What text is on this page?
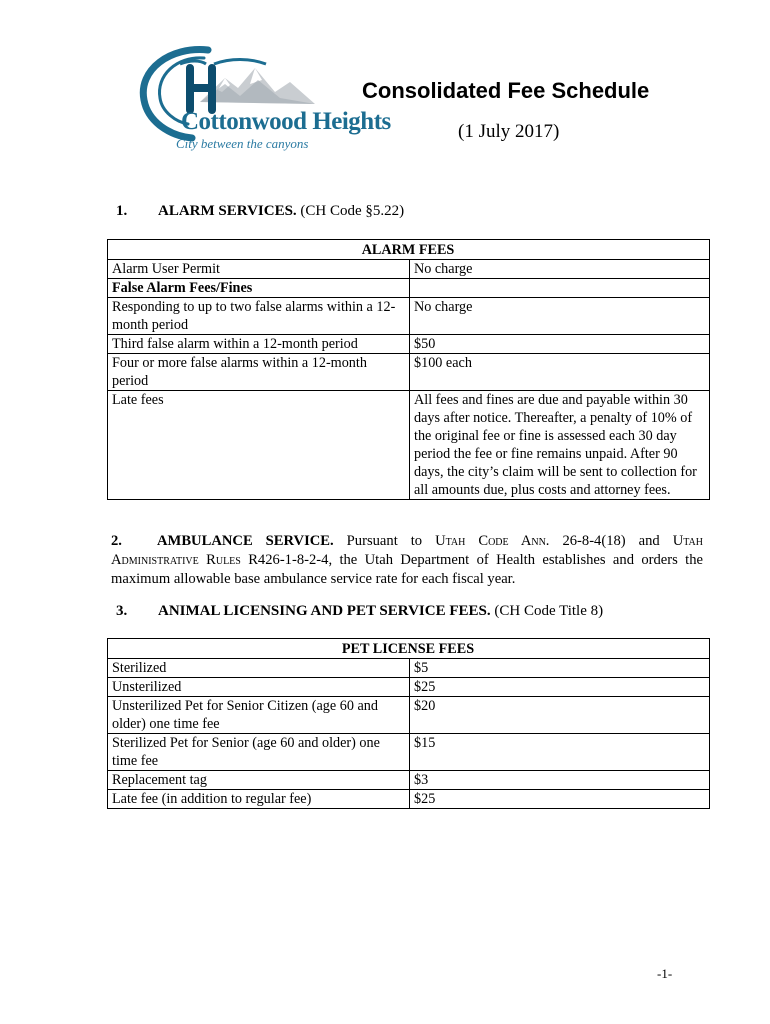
Cottonwood Heights
City between the canyons
Consolidated Fee Schedule
(1 July 2017)
1. ALARM SERVICES. (CH Code §5.22)
ALARM FEES	
Alarm User Permit	No charge
False Alarm Fees/Fines	
Responding to up to two false alarms within a 12-month period	No charge
Third false alarm within a 12-month period	$50
Four or more false alarms within a 12-month period	$100 each
Late fees	All fees and fines are due and payable within 30 days after notice. Thereafter, a penalty of 10% of the original fee or fine is assessed each 30 day period the fee or fine remains unpaid. After 90 days, the city’s claim will be sent to collection for all amounts due, plus costs and attorney fees.
2. AMBULANCE SERVICE. Pursuant to Utah Code Ann. 26-8-4(18) and Utah Administrative Rules R426-1-8-2-4, the Utah Department of Health establishes and orders the maximum allowable base ambulance service rate for each fiscal year.
3. ANIMAL LICENSING AND PET SERVICE FEES. (CH Code Title 8)
PET LICENSE FEES	
Sterilized	$5
Unsterilized	$25
Unsterilized Pet for Senior Citizen (age 60 and older) one time fee	$20
Sterilized Pet for Senior (age 60 and older) one time fee	$15
Replacement tag	$3
Late fee (in addition to regular fee)	$25
-1-
